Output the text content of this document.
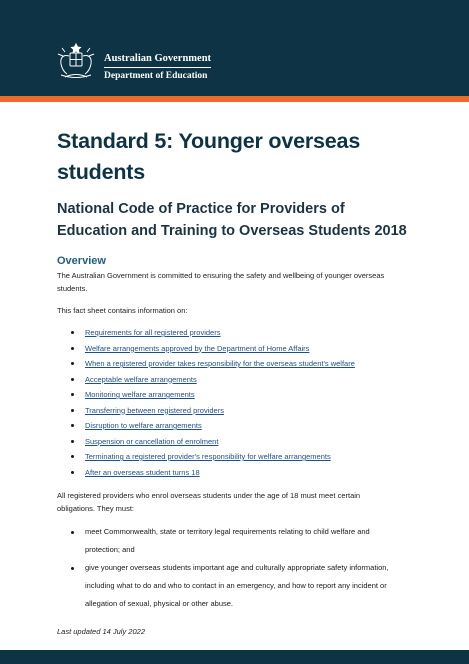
Australian Government
Department of Education
Standard 5: Younger overseas
students
National Code of Practice for Providers of
Education and Training to Overseas Students 2018
Overview

The Australian Government is committed to ensuring the safety and wellbeing of younger overseas
students.

This fact sheet contains information on:

Requirements for all registered providers
Welfare arrangements approved by the Department of Home Affairs
When a registered provider takes responsibility for the overseas student's welfare
Acceptable welfare arrangements
Monitoring welfare arrangements
Transferring between registered providers
Disruption to welfare arrangements
Suspension or cancellation of enrolment
Terminating a registered provider's responsibility for welfare arrangements
After an overseas student turns 18

All registered providers who enrol overseas students under the age of 18 must meet certain
obligations. They must:

meet Commonwealth, state or territory legal requirements relating to child welfare and
protection; and
give younger overseas students important age and culturally appropriate safety information,
including what to do and who to contact in an emergency, and how to report any incident or
allegation of sexual, physical or other abuse.

Last updated 14 July 2022
